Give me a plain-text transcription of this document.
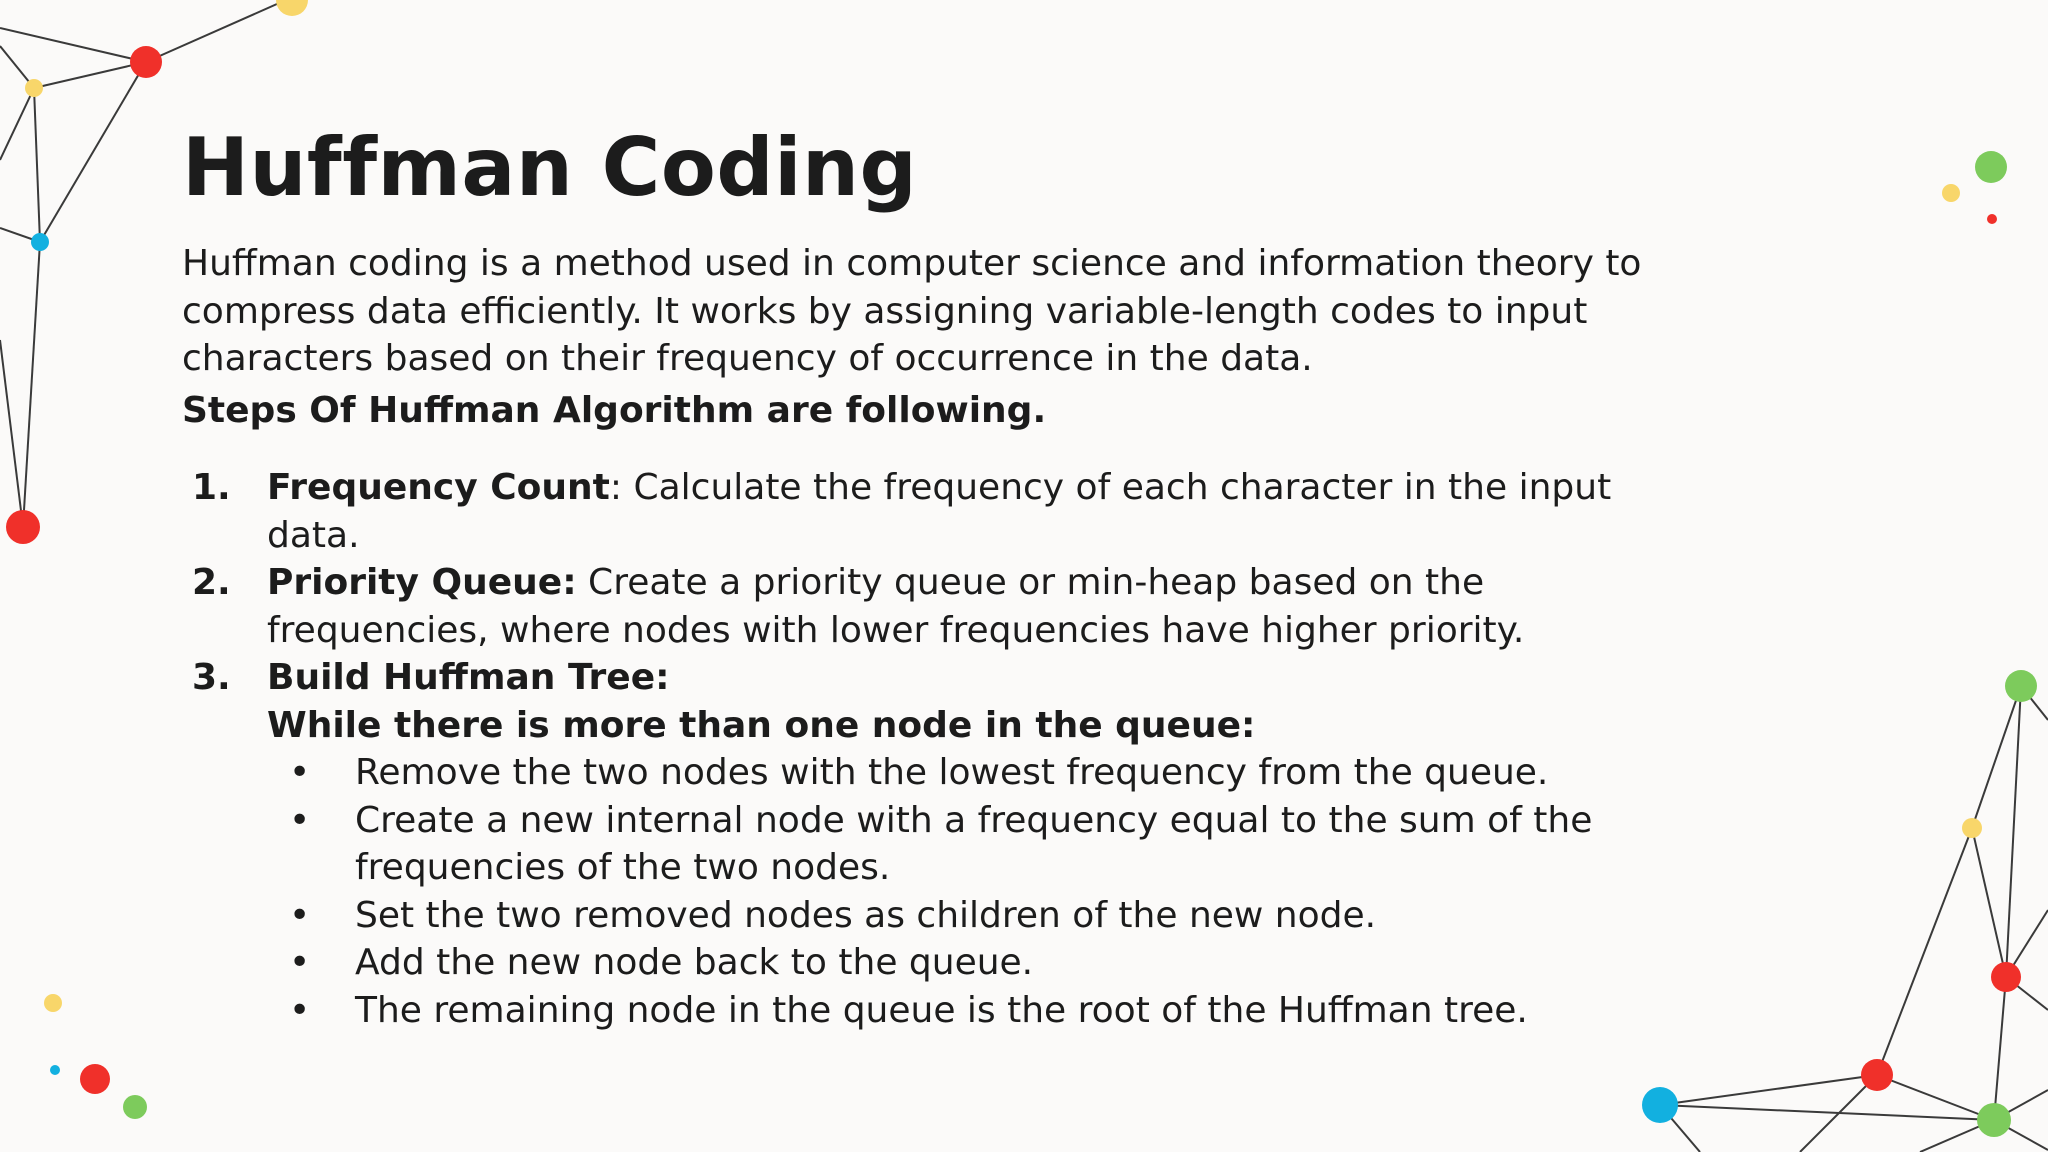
Huffman Coding

Huffman coding is a method used in computer science and information theory to compress data efficiently. It works by assigning variable-length codes to input characters based on their frequency of occurrence in the data.

Steps Of Huffman Algorithm are following.

1. Frequency Count: Calculate the frequency of each character in the input data.
2. Priority Queue: Create a priority queue or min-heap based on the frequencies, where nodes with lower frequencies have higher priority.
3. Build Huffman Tree:
While there is more than one node in the queue:
• Remove the two nodes with the lowest frequency from the queue.
• Create a new internal node with a frequency equal to the sum of the frequencies of the two nodes.
• Set the two removed nodes as children of the new node.
• Add the new node back to the queue.
• The remaining node in the queue is the root of the Huffman tree.
